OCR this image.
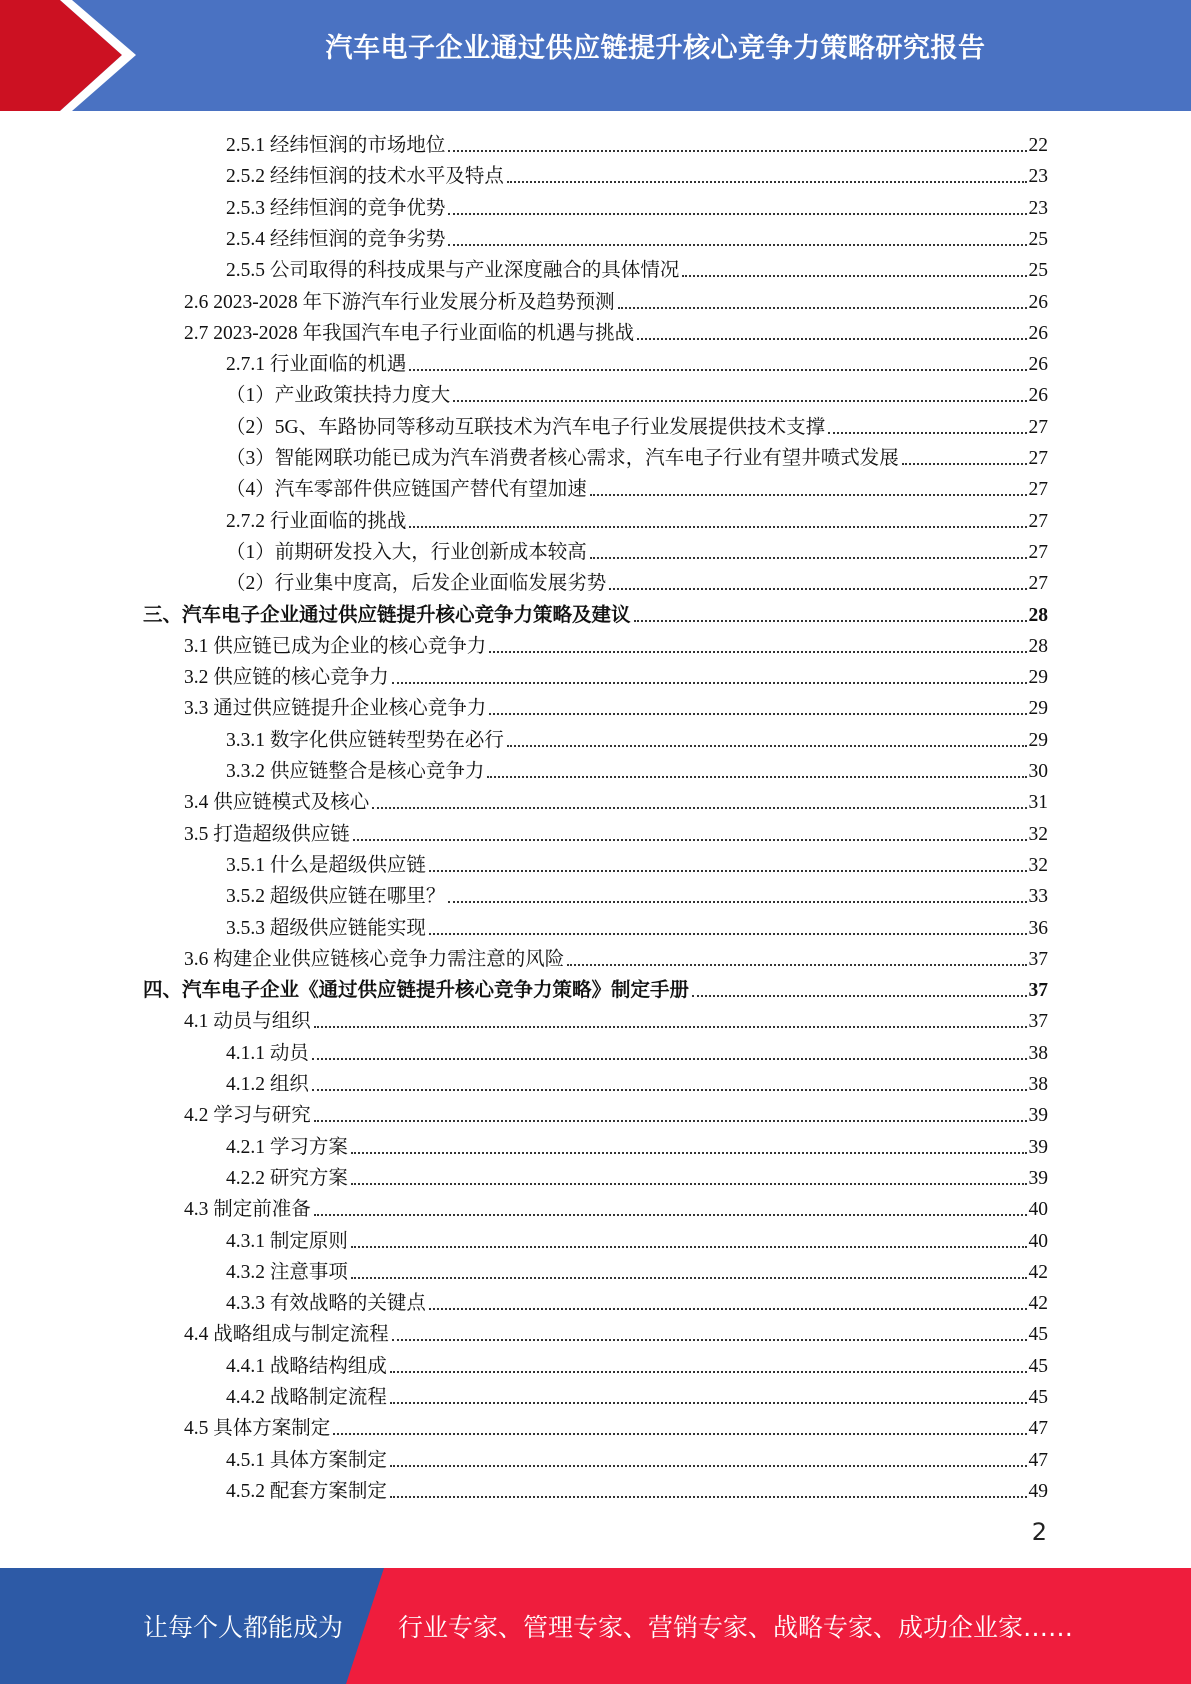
汽车电子企业通过供应链提升核心竞争力策略研究报告
2.5.1 经纬恒润的市场地位	22
2.5.2 经纬恒润的技术水平及特点	23
2.5.3 经纬恒润的竞争优势	23
2.5.4 经纬恒润的竞争劣势	25
2.5.5 公司取得的科技成果与产业深度融合的具体情况	25
2.6 2023-2028 年下游汽车行业发展分析及趋势预测	26
2.7 2023-2028 年我国汽车电子行业面临的机遇与挑战	26
2.7.1 行业面临的机遇	26
（1）产业政策扶持力度大	26
（2）5G、车路协同等移动互联技术为汽车电子行业发展提供技术支撑	27
（3）智能网联功能已成为汽车消费者核心需求，汽车电子行业有望井喷式发展	27
（4）汽车零部件供应链国产替代有望加速	27
2.7.2 行业面临的挑战	27
（1）前期研发投入大，行业创新成本较高	27
（2）行业集中度高，后发企业面临发展劣势	27
三、汽车电子企业通过供应链提升核心竞争力策略及建议	28
3.1 供应链已成为企业的核心竞争力	28
3.2 供应链的核心竞争力	29
3.3 通过供应链提升企业核心竞争力	29
3.3.1 数字化供应链转型势在必行	29
3.3.2 供应链整合是核心竞争力	30
3.4 供应链模式及核心	31
3.5 打造超级供应链	32
3.5.1 什么是超级供应链	32
3.5.2 超级供应链在哪里？	33
3.5.3 超级供应链能实现	36
3.6 构建企业供应链核心竞争力需注意的风险	37
四、汽车电子企业《通过供应链提升核心竞争力策略》制定手册	37
4.1 动员与组织	37
4.1.1 动员	38
4.1.2 组织	38
4.2 学习与研究	39
4.2.1 学习方案	39
4.2.2 研究方案	39
4.3 制定前准备	40
4.3.1 制定原则	40
4.3.2 注意事项	42
4.3.3 有效战略的关键点	42
4.4 战略组成与制定流程	45
4.4.1 战略结构组成	45
4.4.2 战略制定流程	45
4.5 具体方案制定	47
4.5.1 具体方案制定	47
4.5.2 配套方案制定	49
2
让每个人都能成为 行业专家、管理专家、营销专家、战略专家、成功企业家……
